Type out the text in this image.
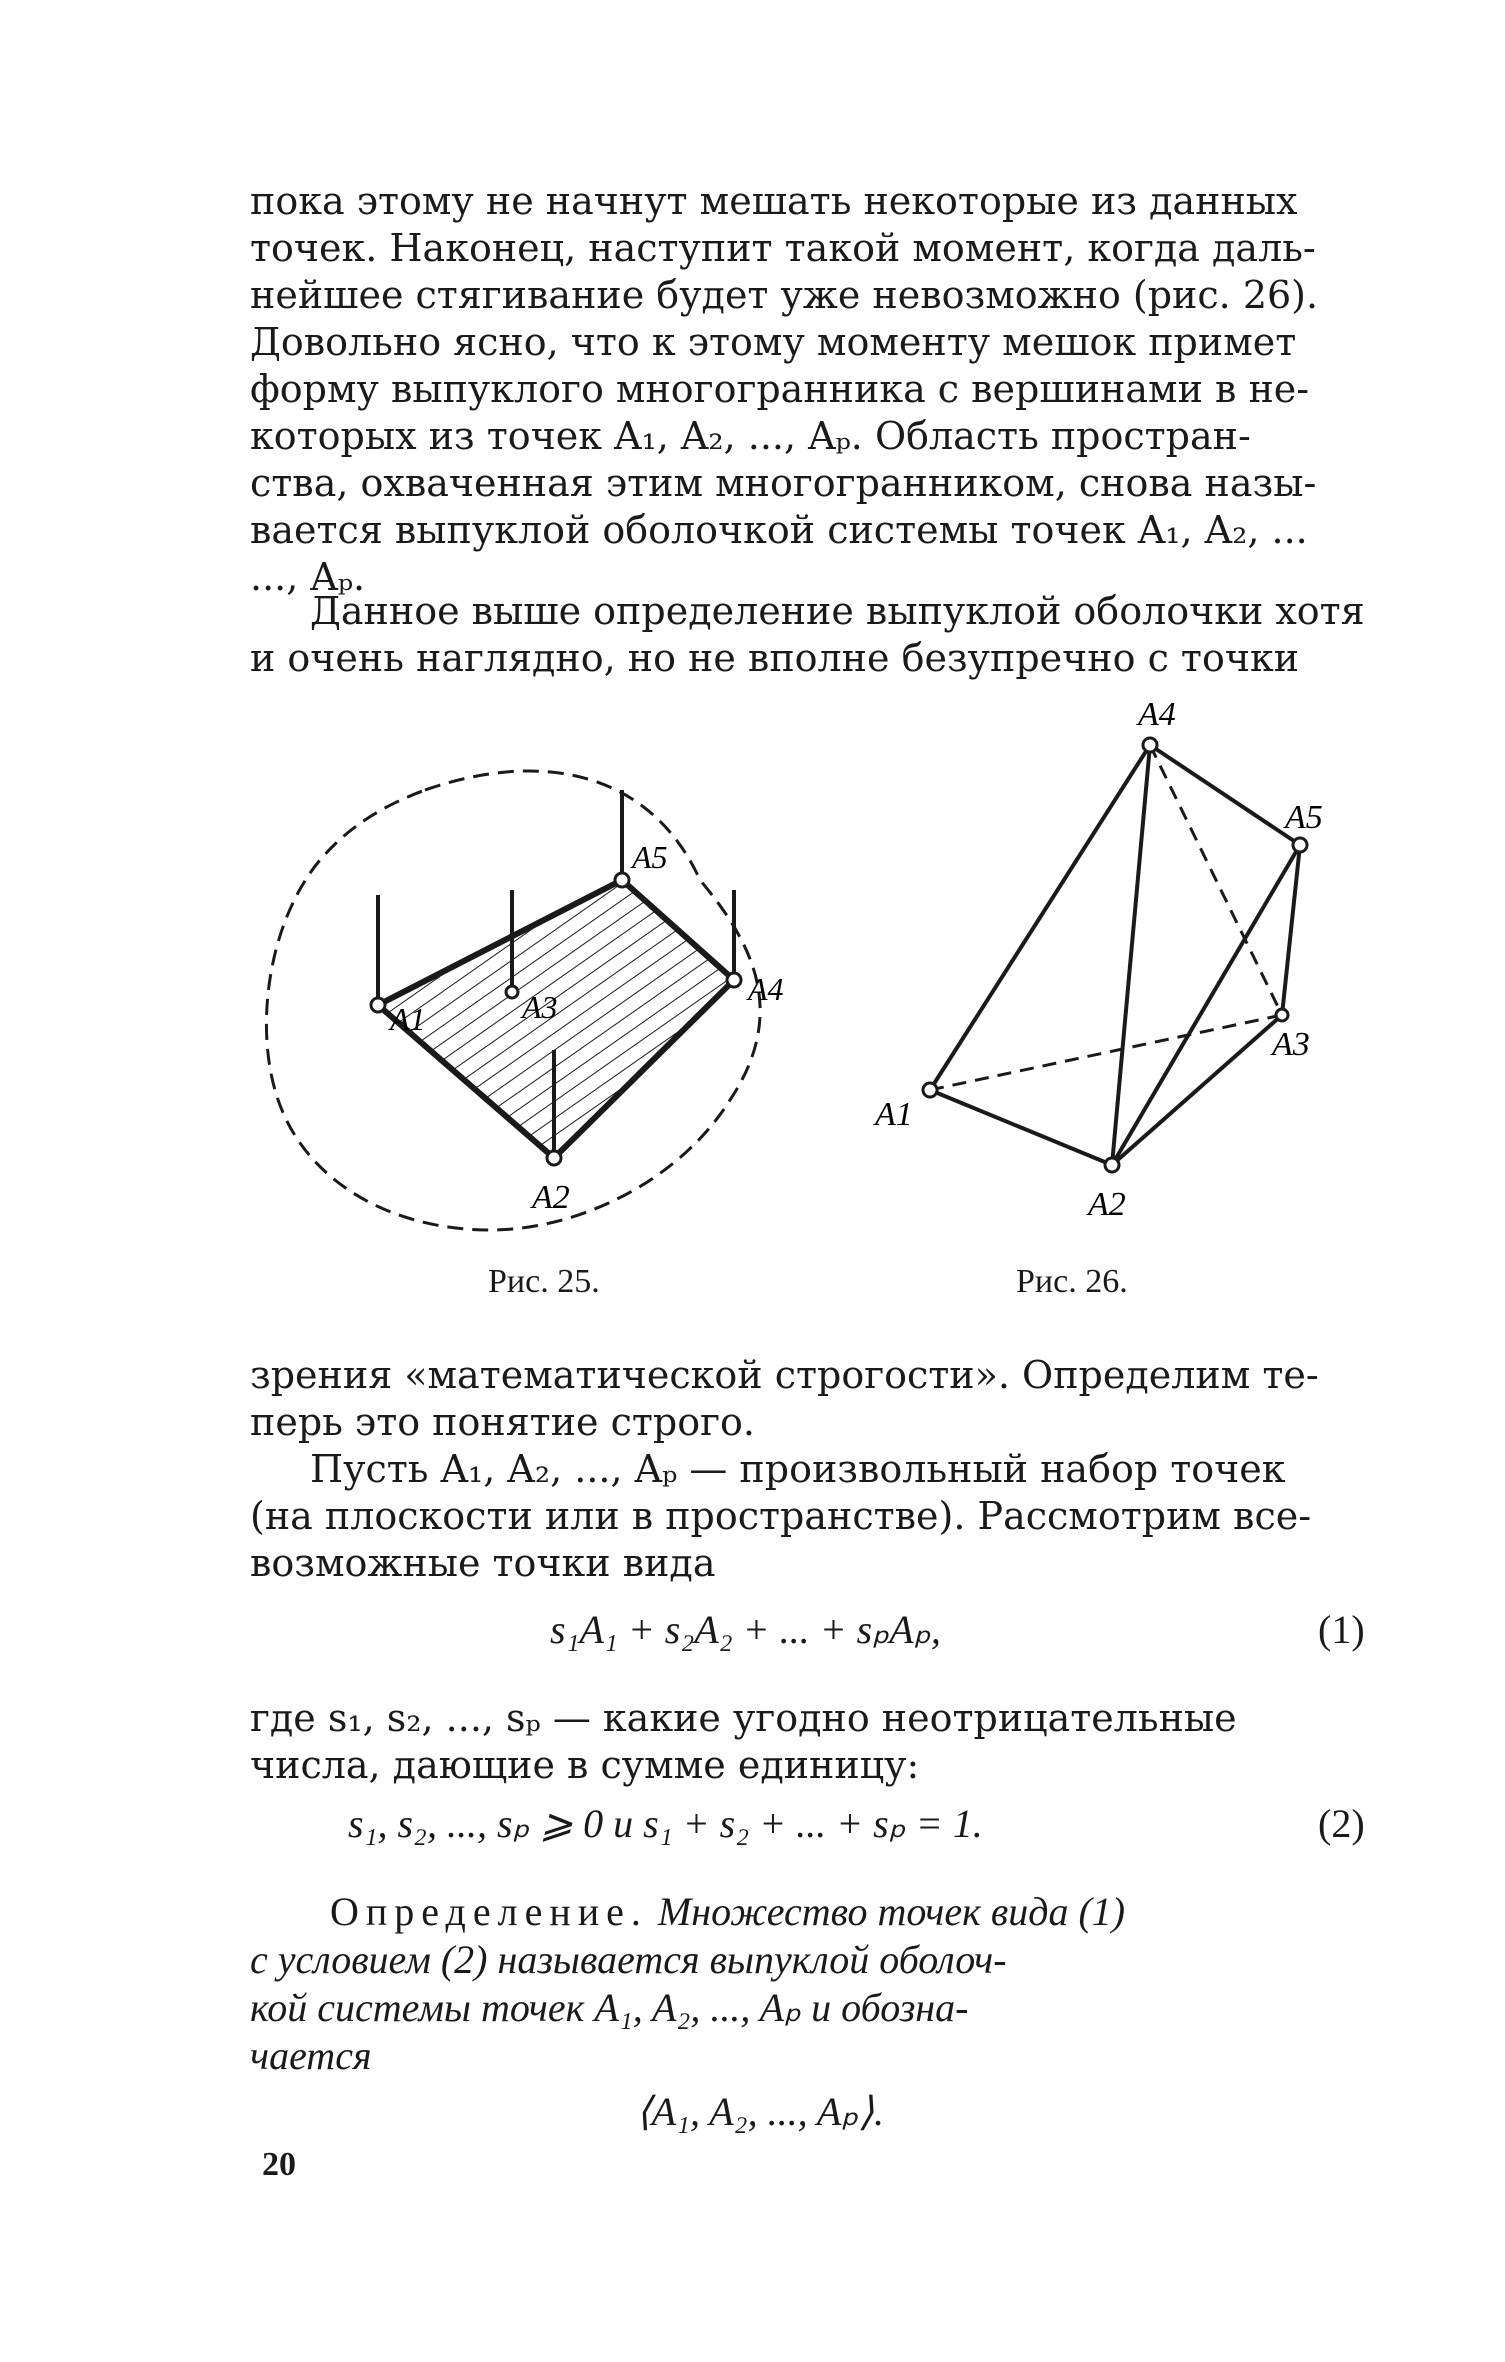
пока этому не начнут мешать некоторые из данных
точек. Наконец, наступит такой момент, когда даль-
нейшее стягивание будет уже невозможно (рис. 26).
Довольно ясно, что к этому моменту мешок примет
форму выпуклого многогранника с вершинами в не-
которых из точек A₁, A₂, ..., Aₚ. Область простран-
ства, охваченная этим многогранником, снова назы-
вается выпуклой оболочкой системы точек A₁, A₂, ...
..., Aₚ.

Данное выше определение выпуклой оболочки хотя
и очень наглядно, но не вполне безупречно с точки

A1
A2
A3	A4
A5
A1
A2
A3
A4
A5
Рис. 25.	Рис. 26.

зрения «математической строгости». Определим те-
перь это понятие строго.

Пусть A₁, A₂, ..., Aₚ — произвольный набор точек
(на плоскости или в пространстве). Рассмотрим все-
возможные точки вида

s₁A₁ + s₂A₂ + ... + sₚAₚ,	(1)

где s₁, s₂, ..., sₚ — какие угодно неотрицательные
числа, дающие в сумме единицу:

s₁, s₂, ..., sₚ ⩾ 0 и s₁ + s₂ + ... + sₚ = 1.	(2)
Определение. Множество точек вида (1)
с условием (2) называется выпуклой оболоч-
кой системы точек A₁, A₂, ..., Aₚ и обозна-
чается
⟨A₁, A₂, ..., Aₚ⟩.
20
